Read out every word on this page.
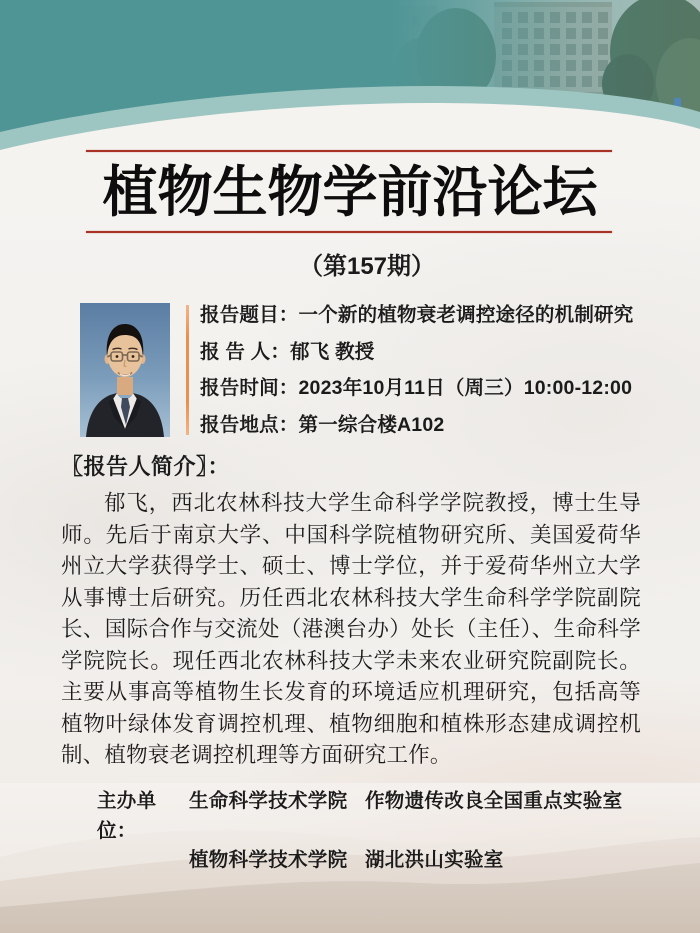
植物生物学前沿论坛
（第157期）
报告题目：一个新的植物衰老调控途径的机制研究
报 告 人：郁飞 教授
报告时间：2023年10月11日（周三）10:00-12:00
报告地点：第一综合楼A102
〖报告人简介〗：

郁飞，西北农林科技大学生命科学学院教授，博士生导师。先后于南京大学、中国科学院植物研究所、美国爱荷华州立大学获得学士、硕士、博士学位，并于爱荷华州立大学从事博士后研究。历任西北农林科技大学生命科学学院副院长、国际合作与交流处（港澳台办）处长（主任）、生命科学学院院长。现任西北农林科技大学未来农业研究院副院长。主要从事高等植物生长发育的环境适应机理研究，包括高等植物叶绿体发育调控机理、植物细胞和植株形态建成调控机制、植物衰老调控机理等方面研究工作。

主办单位：
生命科学技术学院 作物遗传改良全国重点实验室
植物科学技术学院 湖北洪山实验室
